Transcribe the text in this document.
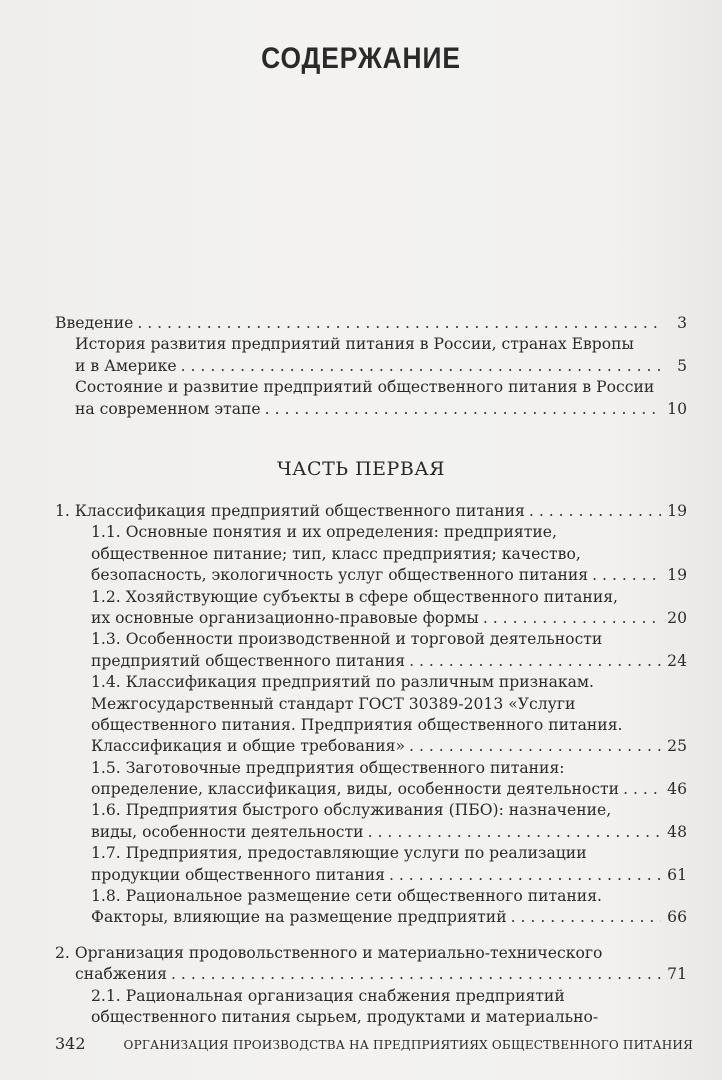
СОДЕРЖАНИЕ
Введение . . .	3
История развития предприятий питания в России, странах Европы
и в Америке . . .	5
Состояние и развитие предприятий общественного питания в России
на современном этапе . . .	10
ЧАСТЬ ПЕРВАЯ
1. Классификация предприятий общественного питания . . .	19
1.1. Основные понятия и их определения: предприятие,
общественное питание; тип, класс предприятия; качество,
безопасность, экологичность услуг общественного питания . . .	19
1.2. Хозяйствующие субъекты в сфере общественного питания,
их основные организационно-правовые формы . . .	20
1.3. Особенности производственной и торговой деятельности
предприятий общественного питания . . .	24
1.4. Классификация предприятий по различным признакам.
Межгосударственный стандарт ГОСТ 30389-2013 «Услуги
общественного питания. Предприятия общественного питания.
Классификация и общие требования» . . .	25
1.5. Заготовочные предприятия общественного питания:
определение, классификация, виды, особенности деятельности . . .	46
1.6. Предприятия быстрого обслуживания (ПБО): назначение,
виды, особенности деятельности . . .	48
1.7. Предприятия, предоставляющие услуги по реализации
продукции общественного питания . . .	61
1.8. Рациональное размещение сети общественного питания.
Факторы, влияющие на размещение предприятий . . .	66
2. Организация продовольственного и материально-технического
снабжения . . .	71
2.1. Рациональная организация снабжения предприятий
общественного питания сырьем, продуктами и материально-
342	ОРГАНИЗАЦИЯ ПРОИЗВОДСТВА НА ПРЕДПРИЯТИЯХ ОБЩЕСТВЕННОГО ПИТАНИЯ
